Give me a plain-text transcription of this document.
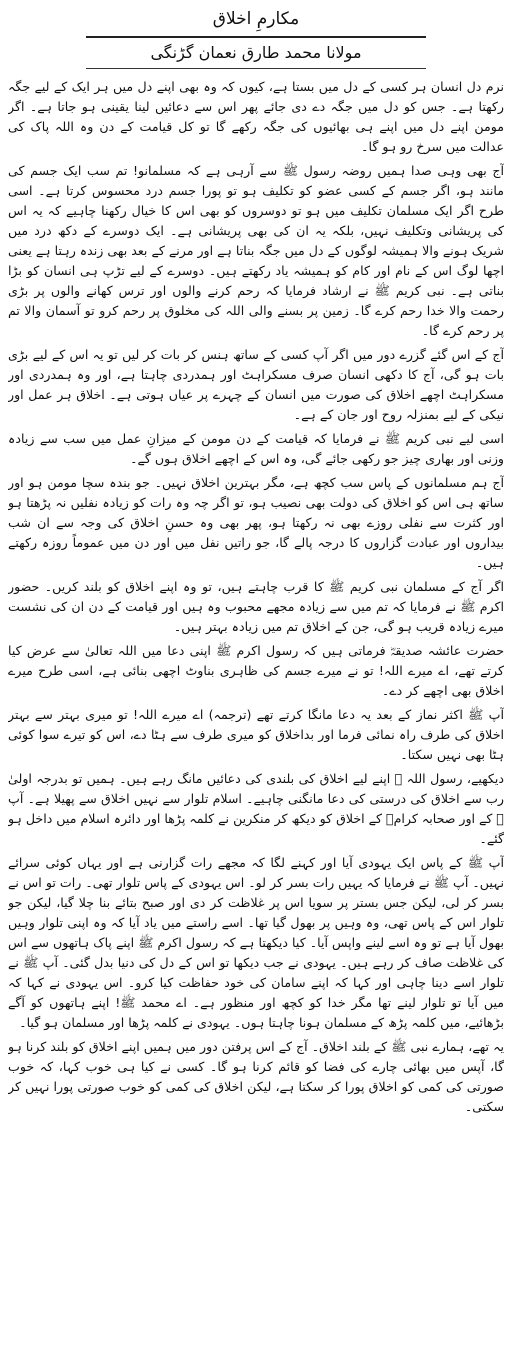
مکارمِ اخلاق
مولانا محمد طارق نعمان گڑنگی

نرم دل انسان ہر کسی کے دل میں بستا ہے، کیوں کہ وہ بھی اپنے دل میں ہر ایک کے لیے جگہ رکھتا ہے۔ جس کو دل میں جگہ دے دی جائے پھر اس سے دعائیں لینا یقینی ہو جاتا ہے۔ اگر مومن اپنے دل میں اپنے ہی بھائیوں کی جگہ رکھے گا تو کل قیامت کے دن وہ اللہ پاک کی عدالت میں سرخ رو ہو گا۔

آج بھی وہی صدا ہمیں روضہ رسول ﷺ سے آرہی ہے کہ مسلمانو! تم سب ایک جسم کی مانند ہو، اگر جسم کے کسی عضو کو تکلیف ہو تو پورا جسم درد محسوس کرتا ہے۔ اسی طرح اگر ایک مسلمان تکلیف میں ہو تو دوسروں کو بھی اس کا خیال رکھنا چاہیے کہ یہ اس کی پریشانی وتکلیف نہیں، بلکہ یہ ان کی بھی پریشانی ہے۔ ایک دوسرے کے دکھ درد میں شریک ہونے والا ہمیشہ لوگوں کے دل میں جگہ بناتا ہے اور مرنے کے بعد بھی زندہ رہتا ہے یعنی اچھا لوگ اس کے نام اور کام کو ہمیشہ یاد رکھتے ہیں۔ دوسرے کے لیے تڑپ ہی انسان کو بڑا بناتی ہے۔ نبی کریم ﷺ نے ارشاد فرمایا کہ رحم کرنے والوں اور ترس کھانے والوں پر بڑی رحمت والا خدا رحم کرے گا۔ زمین پر بسنے والی اللہ کی مخلوق پر رحم کرو تو آسمان والا تم پر رحم کرے گا۔

آج کے اس گئے گزرے دور میں اگر آپ کسی کے ساتھ ہنس کر بات کر لیں تو یہ اس کے لیے بڑی بات ہو گی، آج کا دکھی انسان صرف مسکراہٹ اور ہمدردی چاہتا ہے، اور وہ ہمدردی اور مسکراہٹ اچھے اخلاق کی صورت میں انسان کے چہرے پر عیاں ہوتی ہے۔ اخلاق ہر عمل اور نیکی کے لیے بمنزلہ روح اور جان کے ہے۔

اسی لیے نبی کریم ﷺ نے فرمایا کہ قیامت کے دن مومن کے میزانِ عمل میں سب سے زیادہ وزنی اور بھاری چیز جو رکھی جائے گی، وہ اس کے اچھے اخلاق ہوں گے۔

آج ہم مسلمانوں کے پاس سب کچھ ہے، مگر بہترین اخلاق نہیں۔ جو بندہ سچا مومن ہو اور ساتھ ہی اس کو اخلاق کی دولت بھی نصیب ہو، تو اگر چہ وہ رات کو زیادہ نفلیں نہ پڑھتا ہو اور کثرت سے نفلی روزے بھی نہ رکھتا ہو، پھر بھی وہ حسنِ اخلاق کی وجہ سے ان شب بیداروں اور عبادت گزاروں کا درجہ پالے گا، جو راتیں نفل میں اور دن میں عموماً روزہ رکھتے ہیں۔

اگر آج کے مسلمان نبی کریم ﷺ کا قرب چاہتے ہیں، تو وہ اپنے اخلاق کو بلند کریں۔ حضور اکرم ﷺ نے فرمایا کہ تم میں سے زیادہ مجھے محبوب وہ ہیں اور قیامت کے دن ان کی نشست میرے زیادہ قریب ہو گی، جن کے اخلاق تم میں زیادہ بہتر ہیں۔

حضرت عائشہ صدیقہؓ فرماتی ہیں کہ رسول اکرم ﷺ اپنی دعا میں اللہ تعالیٰ سے عرض کیا کرتے تھے، اے میرے اللہ! تو نے میرے جسم کی ظاہری بناوٹ اچھی بنائی ہے، اسی طرح میرے اخلاق بھی اچھے کر دے۔

آپ ﷺ اکثر نماز کے بعد یہ دعا مانگا کرتے تھے (ترجمہ) اے میرے اللہ! تو میری بہتر سے بہتر اخلاق کی طرف راہ نمائی فرما اور بداخلاق کو میری طرف سے ہٹا دے، اس کو تیرے سوا کوئی ہٹا بھی نہیں سکتا۔

دیکھیے، رسول اللہ ﷺ اپنے لیے اخلاق کی بلندی کی دعائیں مانگ رہے ہیں۔ ہمیں تو بدرجہ اولیٰ رب سے اخلاق کی درستی کی دعا مانگنی چاہیے۔ اسلام تلوار سے نہیں اخلاق سے پھیلا ہے۔ آپ ﷺ کے اور صحابہ کرامؓ کے اخلاق کو دیکھ کر منکرین نے کلمہ پڑھا اور دائرہ اسلام میں داخل ہو گئے۔

آپ ﷺ کے پاس ایک یہودی آیا اور کہنے لگا کہ مجھے رات گزارنی ہے اور یہاں کوئی سرائے نہیں۔ آپ ﷺ نے فرمایا کہ یہیں رات بسر کر لو۔ اس یہودی کے پاس تلوار تھی۔ رات تو اس نے بسر کر لی، لیکن جس بستر پر سویا اس پر غلاظت کر دی اور صبح بتائے بنا چلا گیا، لیکن جو تلوار اس کے پاس تھی، وہ وہیں پر بھول گیا تھا۔ اسے راستے میں یاد آیا کہ وہ اپنی تلوار وہیں بھول آیا ہے تو وہ اسے لینے واپس آیا۔ کیا دیکھتا ہے کہ رسول اکرم ﷺ اپنے پاک ہاتھوں سے اس کی غلاظت صاف کر رہے ہیں۔ یہودی نے جب دیکھا تو اس کے دل کی دنیا بدل گئی۔ آپ ﷺ نے تلوار اسے دینا چاہی اور کہا کہ اپنے سامان کی خود حفاظت کیا کرو۔ اس یہودی نے کہا کہ میں آیا تو تلوار لینے تھا مگر خدا کو کچھ اور منظور ہے۔ اے محمد ﷺ! اپنے ہاتھوں کو آگے بڑھائیے، میں کلمہ پڑھ کے مسلمان ہونا چاہتا ہوں۔ یہودی نے کلمہ پڑھا اور مسلمان ہو گیا۔

یہ تھے، ہمارے نبی ﷺ کے بلند اخلاق۔ آج کے اس پرفتن دور میں ہمیں اپنے اخلاق کو بلند کرنا ہو گا، آپس میں بھائی چارے کی فضا کو قائم کرنا ہو گا۔ کسی نے کیا ہی خوب کہا، کہ خوب صورتی کی کمی کو اخلاق پورا کر سکتا ہے، لیکن اخلاق کی کمی کو خوب صورتی پورا نہیں کر سکتی۔
